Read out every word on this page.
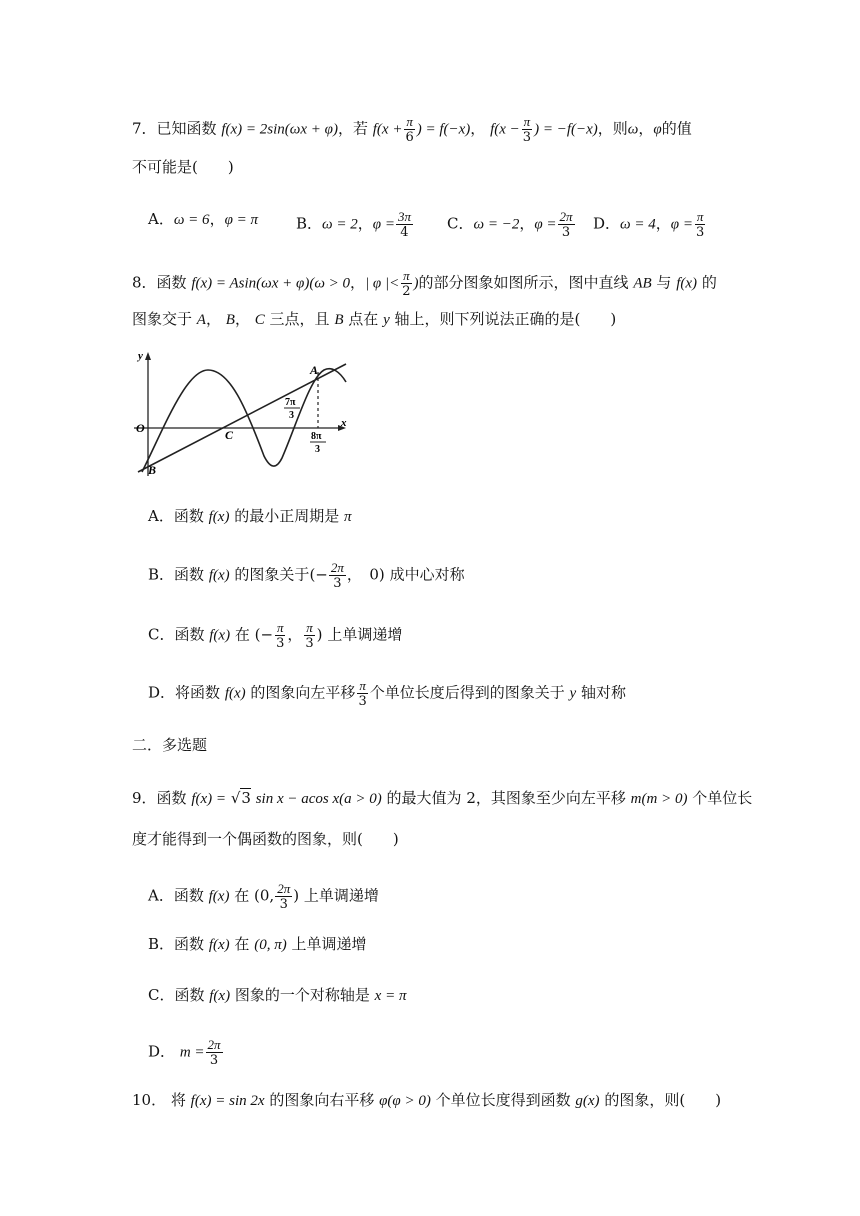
7．已知函数 f(x) = 2sin(ωx + φ)，若 $f(x + \frac{\pi}{6}$ ) = f(−x)， $f(x - \frac{\pi}{3}$ ) = −f(−x)，则ω，φ的值
不可能是(　　)
A．ω = 6，φ = π	B．ω = 2，$\varphi = \frac{3\pi}{4}$ C．ω = −2，$\varphi = \frac{2\pi}{3}$ D．ω = 4，$\varphi = \frac{\pi}{3}$
8．函数 f(x) = Asin(ωx + φ)(ω > 0，| φ |< $\frac{\pi}{2}$ )的部分图象如图所示，图中直线 AB 与 f(x) 的
图象交于 A， B， C 三点，且 B 点在 y 轴上，则下列说法正确的是(　　)
y
x
O	C
A
B
7π
3
8π
3
A．函数 f(x) 的最小正周期是 π
B．函数 f(x) 的图象关于(− $\frac{2\pi}{3}$ ，　0) 成中心对称
C．函数 f(x) 在 (− $\frac{\pi}{3}$ ， $\frac{\pi}{3}$ ) 上单调递增
D．将函数 f(x) 的图象向左平移 $\frac{\pi}{3}$ 个单位长度后得到的图象关于 y 轴对称
二．多选题
9．函数 f(x) = √3 sin x − acos x(a > 0) 的最大值为 2，其图象至少向左平移 m(m > 0) 个单位长
度才能得到一个偶函数的图象，则(　　)
A．函数 f(x) 在 (0, $\frac{2\pi}{3}$ ) 上单调递增
B．函数 f(x) 在 (0, π) 上单调递增
C．函数 f(x) 图象的一个对称轴是 x = π
D． $m = \frac{2\pi}{3}$
10． 将 f(x) = sin 2x 的图象向右平移 φ(φ > 0) 个单位长度得到函数 g(x) 的图象，则(　　)
